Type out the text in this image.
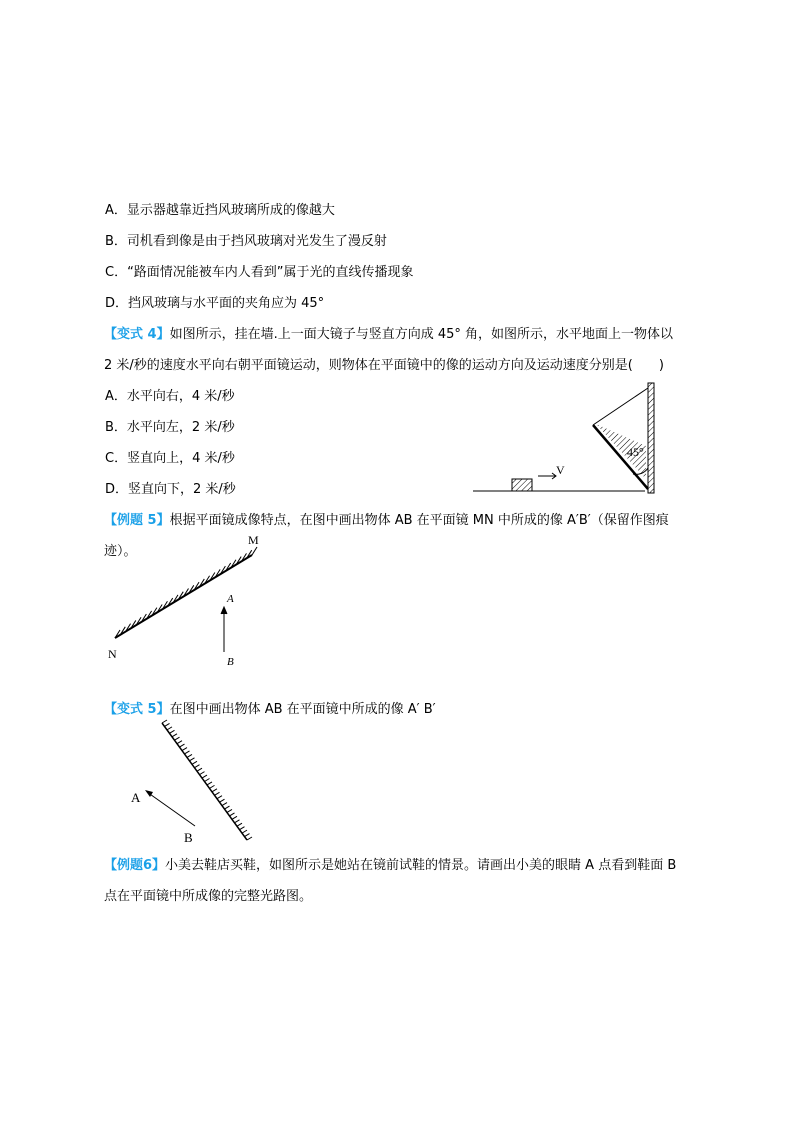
A．显示器越靠近挡风玻璃所成的像越大
B．司机看到像是由于挡风玻璃对光发生了漫反射
C．“路面情况能被车内人看到”属于光的直线传播现象
D．挡风玻璃与水平面的夹角应为 45°
【变式 4】如图所示，挂在墙.上一面大镜子与竖直方向成 45° 角，如图所示，水平地面上一物体以
2 米/秒的速度水平向右朝平面镜运动，则物体在平面镜中的像的运动方向及运动速度分别是(　　)
A．水平向右，4 米/秒
B．水平向左，2 米/秒
C．竖直向上，4 米/秒
D．竖直向下，2 米/秒
45°
V
【例题 5】根据平面镜成像特点，在图中画出物体 AB 在平面镜 MN 中所成的像 A′B′（保留作图痕
迹）。
M
N
A
B
【变式 5】在图中画出物体 AB 在平面镜中所成的像 A′ B′
A
B
【例题6】小美去鞋店买鞋，如图所示是她站在镜前试鞋的情景。请画出小美的眼睛 A 点看到鞋面 B
点在平面镜中所成像的完整光路图。
